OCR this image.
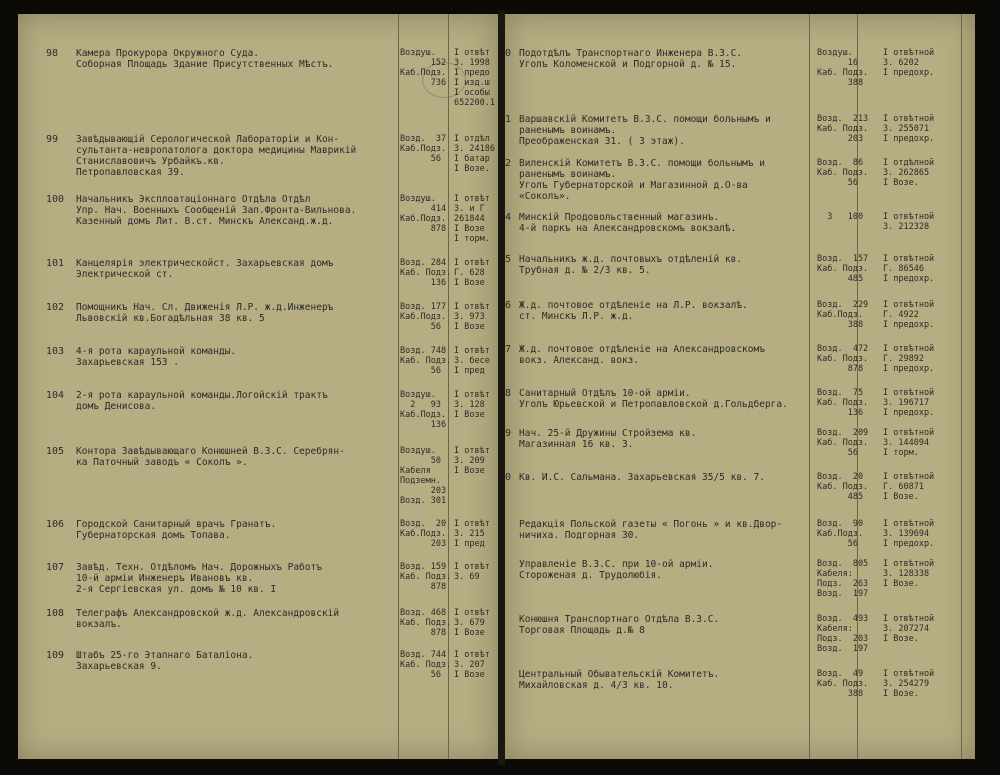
98 Камера Прокурора Окружного Суда.
Соборная Площадь Здание Присутственных Мѣстъ.
Воздуш.
152
Каб.Подз.
736
I отвѣт
З. 1998
I предо
I изд.ш
I особы
652200.1
99 Завѣдывающiй Серологической Лабораторiи и Кон-
сультанта-невропатолога доктора медицины Маврикiй
Станиславовичъ Урбайкъ.кв.
Петропавловская 39.
Возд.  37
Каб.Подз.
56
I отдѣл
З. 24186
I батар
I Возе.
100 Начальникъ Эксплоатацiоннаго Отдѣла Отдѣл
Упр. Нач. Военныхъ Сообщенiй Зап.Фронта-Вильнова.
Казенный домъ Лит. В.ст. Минскъ Александ.ж.д.
Воздуш.
414
Каб.Подз.
878
I отвѣт
З. и Г
261844
I Возе
I торм.
101 Канцелярiя электрическойст. Захарьевская домъ
Электрической ст.
Возд. 284
Каб. Подз.
136
I отвѣт
Г. 628
I Возе
102 Помощникъ Нач. Сл. Движенiя Л.Р. ж.д.Инженеръ
Львовскiй кв.Богадѣльная 38 кв. 5
Возд. 177
Каб.Подз.
56
I отвѣт
З. 973
I Возе
103 4-я рота караульной команды.
Захарьевская 153 .
Возд. 748
Каб. Подз.
56
I отвѣт
З. бесе
I пред
104 2-я рота караульной команды.Логойскiй трактъ
домъ Денисова.
Воздуш.
2   93
Каб.Подз.
136
I отвѣт
З. 128
I Возе
105 Контора Завѣдывающаго Конюшней В.З.С. Серебрян-
ка Паточный заводъ « Соколъ ».
Воздуш.
50
Кабеля
Подземн.
203
Возд. 301
I отвѣт
З. 209
I Возе
106 Городской Санитарный врачъ Гранатъ.
Губернаторская домъ Топава.
Возд.  20
Каб.Подз.
203
I отвѣт
З. 215
I пред
107 Завѣд. Техн. Отдѣломъ Нач. Дорожныхъ Работъ
10-й армiи Инженеръ Ивановъ кв.
2-я Сергiевская ул. домъ № 10 кв. I
Возд. 159
Каб. Подз.
878
I отвѣт
З. 69
108 Телеграфъ Александровской ж.д. Александровскiй
вокзалъ.
Возд. 468
Каб. Подз.
878
I отвѣт
З. 679
I Возе
109 Штабъ 25-го Этапнаго Баталiона.
Захарьевская 9.
Возд. 744
Каб. Подз.
56
I отвѣт
З. 207
I Возе
0 Подотдѣлъ Транспортнаго Инженера В.З.С.
Уголъ Коломенской и Подгорной д. № 15.
Воздуш.
16
Каб. Подз.
388
I отвѣтной
З. 6202
I предохр.
1 Варшавскiй Комитетъ В.З.С. помощи больнымъ и
раненымъ воинамъ.
Преображенская 31. ( 3 этаж).
Возд.  213
Каб. Подз.
203
I отвѣтной
З. 255071
I предохр.
2 Виленскiй Комитетъ В.З.С. помощи больнымъ и
раненымъ воинамъ.
Уголъ Губернаторской и Магазинной д.О-ва
«Соколъ».
Возд.  86
Каб. Подз.
56
I отдѣлной
З. 262865
I Возе.
4 Минскiй Продовольственный магазинъ.
4-й паркъ на Александровскомъ вокзалѣ.
3   100 I отвѣтной
З. 212328
5 Начальникъ ж.д. почтовыхъ отдѣленiй кв.
Трубная д. № 2/3 кв. 5.
Возд.  157
Каб. Подз.
485
I отвѣтной
Г. 86546
I предохр.
6 Ж.д. почтовое отдѣленiе на Л.Р. вокзалѣ.
ст. Минскъ Л.Р. ж.д.
Возд.  229
Каб.Подз.
388
I отвѣтной
Г. 4922
I предохр.
7 Ж.д. почтовое отдѣленiе на Александровскомъ
вокз. Александ. вокз.
Возд.  472
Каб. Подз.
878
I отвѣтной
Г. 29892
I предохр.
8 Санитарный Отдѣлъ 10-ой армiи.
Уголъ Юрьевской и Петропавловской д.Гольдберга.
Возд.  75
Каб. Подз.
136
I отвѣтной
З. 196717
I предохр.
9 Нач. 25-й Дружины Стройзема кв.
Магазинная 16 кв. 3.
Возд.  209
Каб. Подз.
56
I отвѣтной
З. 144094
I торм.
0 Кв. И.С. Сальмана. Захарьевская 35/5 кв. 7.	Возд.  20
Каб. Подз.
485
I отвѣтной
Г. 60871
I Возе.
Редакцiя Польской газеты « Погонь » и кв.Двор-
ничиха. Подгорная 30.
Возд.  90
Каб.Подз.
56
I отвѣтной
З. 139694
I предохр.
Управленiе В.З.С. при 10-ой армiи.
Стороженая д. Трудолюбiя.
Возд.  805
Кабеля:
Подз.  263
Возд.  197
I отвѣтной
З. 128338
I Возе.
Конюшня Транспортнаго Отдѣла В.З.С.
Торговая Площадь д.№ 8
Возд.  493
Кабеля:
Подз.  203
Возд.  197
I отвѣтной
З. 207274
I Возе.
Центральный Обывательскiй Комитетъ.
Михайловская д. 4/3 кв. 10.
Возд.  49
Каб. Подз.
388
I отвѣтной
З. 254279
I Возе.
